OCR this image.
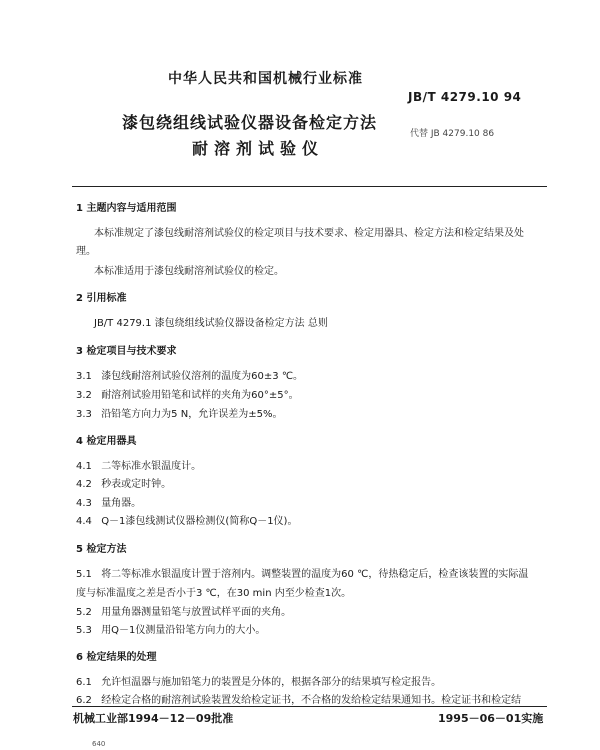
中华人民共和国机械行业标准
JB/T 4279.10 94
漆包绕组线试验仪器设备检定方法
耐溶剂试验仪
代替 JB 4279.10 86
1 主题内容与适用范围
本标准规定了漆包线耐溶剂试验仪的检定项目与技术要求、检定用器具、检定方法和检定结果及处
理。
本标准适用于漆包线耐溶剂试验仪的检定。
2 引用标准
JB/T 4279.1 漆包绕组线试验仪器设备检定方法 总则
3 检定项目与技术要求
3.1 漆包线耐溶剂试验仪溶剂的温度为60±3 ℃。
3.2 耐溶剂试验用铅笔和试样的夹角为60°±5°。
3.3 沿铅笔方向力为5 N，允许误差为±5%。
4 检定用器具
4.1 二等标准水银温度计。
4.2 秒表或定时钟。
4.3 量角器。
4.4 Q－1漆包线测试仪器检测仪(简称Q－1仪)。
5 检定方法
5.1 将二等标准水银温度计置于溶剂内。调整装置的温度为60 ℃，待热稳定后，检查该装置的实际温
度与标准温度之差是否小于3 ℃，在30 min 内至少检查1次。
5.2 用量角器测量铅笔与放置试样平面的夹角。
5.3 用Q－1仪测量沿铅笔方向力的大小。
6 检定结果的处理
6.1 允许恒温器与施加铅笔力的装置是分体的，根据各部分的结果填写检定报告。
6.2 经检定合格的耐溶剂试验装置发给检定证书，不合格的发给检定结果通知书。检定证书和检定结
机械工业部1994－12－09批准	1995－06－01实施
640
